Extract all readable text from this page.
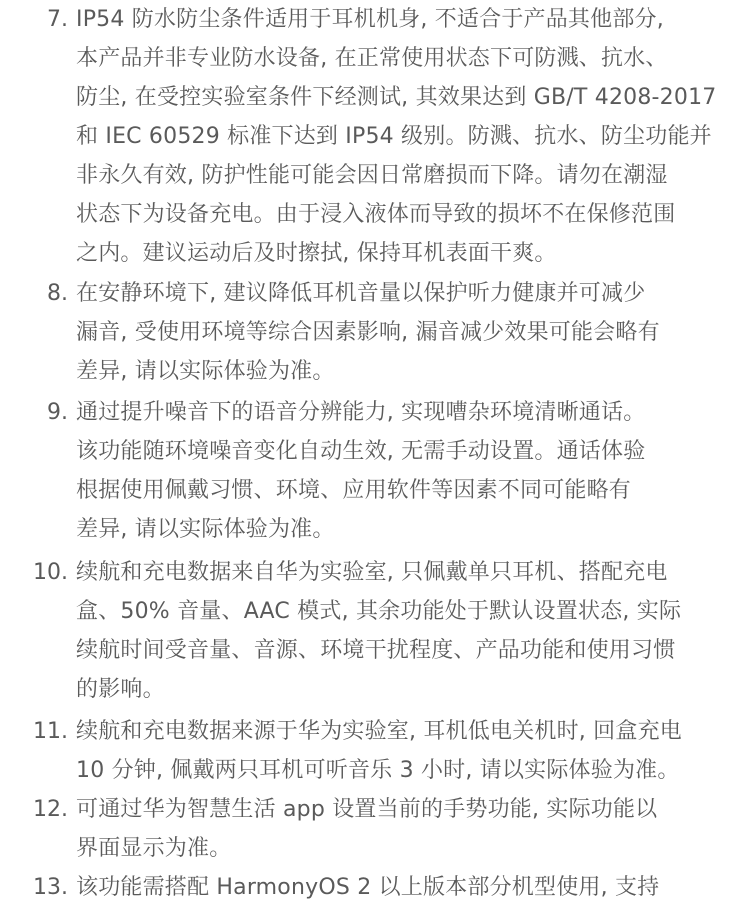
7. IP54 防水防尘条件适用于耳机机身, 不适合于产品其他部分,
本产品并非专业防水设备, 在正常使用状态下可防溅、抗水、
防尘, 在受控实验室条件下经测试, 其效果达到 GB/T 4208-2017
和 IEC 60529 标准下达到 IP54 级别。防溅、抗水、防尘功能并
非永久有效, 防护性能可能会因日常磨损而下降。请勿在潮湿
状态下为设备充电。由于浸入液体而导致的损坏不在保修范围
之内。建议运动后及时擦拭, 保持耳机表面干爽。
8. 在安静环境下, 建议降低耳机音量以保护听力健康并可减少
漏音, 受使用环境等综合因素影响, 漏音减少效果可能会略有
差异, 请以实际体验为准。
9. 通过提升噪音下的语音分辨能力, 实现嘈杂环境清晰通话。
该功能随环境噪音变化自动生效, 无需手动设置。通话体验
根据使用佩戴习惯、环境、应用软件等因素不同可能略有
差异, 请以实际体验为准。
10. 续航和充电数据来自华为实验室, 只佩戴单只耳机、搭配充电
盒、50% 音量、AAC 模式, 其余功能处于默认设置状态, 实际
续航时间受音量、音源、环境干扰程度、产品功能和使用习惯
的影响。
11. 续航和充电数据来源于华为实验室, 耳机低电关机时, 回盒充电
10 分钟, 佩戴两只耳机可听音乐 3 小时, 请以实际体验为准。
12. 可通过华为智慧生活 app 设置当前的手势功能, 实际功能以
界面显示为准。
13. 该功能需搭配 HarmonyOS 2 以上版本部分机型使用, 支持
